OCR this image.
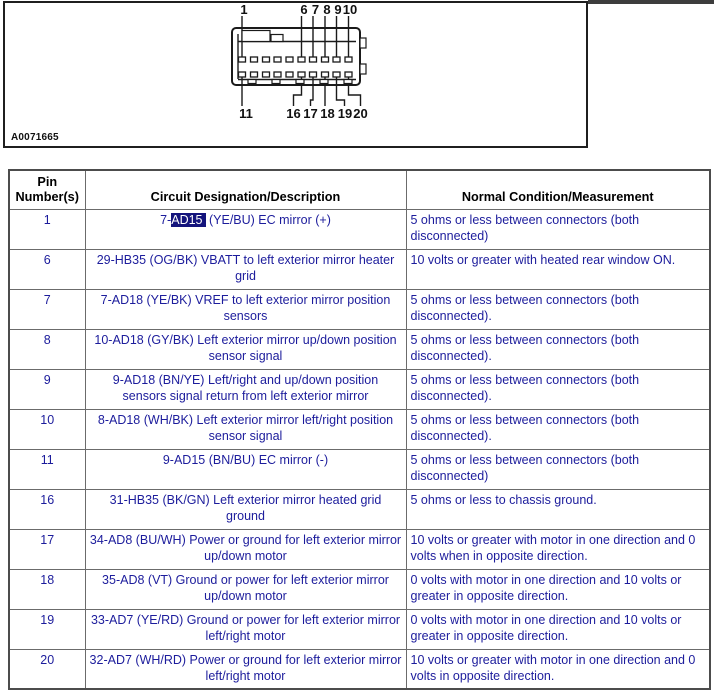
1	6 7 8 9 10
11	16 17 18 19 20
A0071665
Pin Number(s)	Circuit Designation/Description	Normal Condition/Measurement
1	7-AD15 (YE/BU) EC mirror (+)	5 ohms or less between connectors (both disconnected)
6	29-HB35 (OG/BK) VBATT to left exterior mirror heater grid	10 volts or greater with heated rear window ON.
7	7-AD18 (YE/BK) VREF to left exterior mirror position sensors	5 ohms or less between connectors (both disconnected).
8	10-AD18 (GY/BK) Left exterior mirror up/down position sensor signal	5 ohms or less between connectors (both disconnected).
9	9-AD18 (BN/YE) Left/right and up/down position sensors signal return from left exterior mirror	5 ohms or less between connectors (both disconnected).
10	8-AD18 (WH/BK) Left exterior mirror left/right position sensor signal	5 ohms or less between connectors (both disconnected).
11	9-AD15 (BN/BU) EC mirror (-)	5 ohms or less between connectors (both disconnected)
16	31-HB35 (BK/GN) Left exterior mirror heated grid ground	5 ohms or less to chassis ground.
17	34-AD8 (BU/WH) Power or ground for left exterior mirror up/down motor	10 volts or greater with motor in one direction and 0 volts when in opposite direction.
18	35-AD8 (VT) Ground or power for left exterior mirror up/down motor	0 volts with motor in one direction and 10 volts or greater in opposite direction.
19	33-AD7 (YE/RD) Ground or power for left exterior mirror left/right motor	0 volts with motor in one direction and 10 volts or greater in opposite direction.
20	32-AD7 (WH/RD) Power or ground for left exterior mirror left/right motor	10 volts or greater with motor in one direction and 0 volts in opposite direction.
